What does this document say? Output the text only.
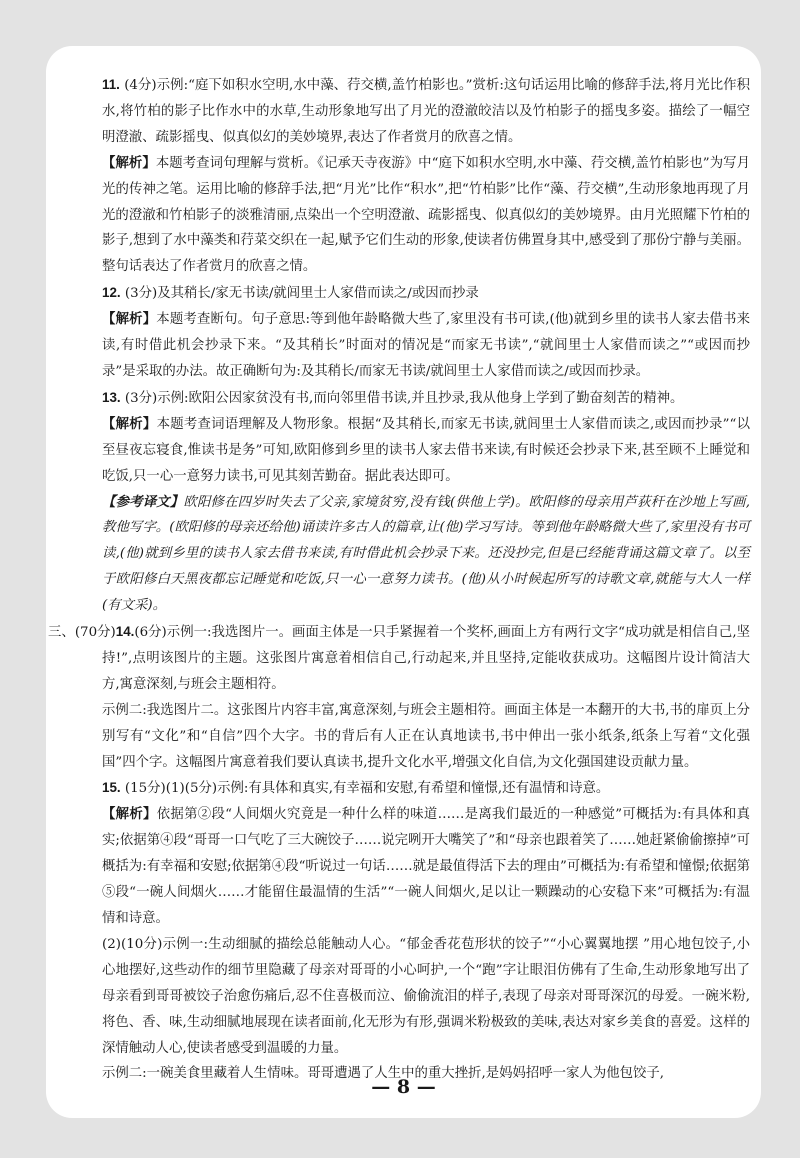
11. (4分)示例:“庭下如积水空明,水中藻、荇交横,盖竹柏影也。”赏析:这句话运用比喻的修辞手法,将月光比作积水,将竹柏的影子比作水中的水草,生动形象地写出了月光的澄澈皎洁以及竹柏影子的摇曳多姿。描绘了一幅空明澄澈、疏影摇曳、似真似幻的美妙境界,表达了作者赏月的欣喜之情。

【解析】本题考查词句理解与赏析。《记承天寺夜游》中“庭下如积水空明,水中藻、荇交横,盖竹柏影也”为写月光的传神之笔。运用比喻的修辞手法,把“月光”比作“积水”,把“竹柏影”比作“藻、荇交横”,生动形象地再现了月光的澄澈和竹柏影子的淡雅清丽,点染出一个空明澄澈、疏影摇曳、似真似幻的美妙境界。由月光照耀下竹柏的影子,想到了水中藻类和荇菜交织在一起,赋予它们生动的形象,使读者仿佛置身其中,感受到了那份宁静与美丽。整句话表达了作者赏月的欣喜之情。

12. (3分)及其稍长/家无书读/就闾里士人家借而读之/或因而抄录

【解析】本题考查断句。句子意思:等到他年龄略微大些了,家里没有书可读,(他)就到乡里的读书人家去借书来读,有时借此机会抄录下来。“及其稍长”时面对的情况是“而家无书读”,“就闾里士人家借而读之”“或因而抄录”是采取的办法。故正确断句为:及其稍长/而家无书读/就闾里士人家借而读之/或因而抄录。

13. (3分)示例:欧阳公因家贫没有书,而向邻里借书读,并且抄录,我从他身上学到了勤奋刻苦的精神。

【解析】本题考查词语理解及人物形象。根据“及其稍长,而家无书读,就闾里士人家借而读之,或因而抄录”“以至昼夜忘寝食,惟读书是务”可知,欧阳修到乡里的读书人家去借书来读,有时候还会抄录下来,甚至顾不上睡觉和吃饭,只一心一意努力读书,可见其刻苦勤奋。据此表达即可。

【参考译文】欧阳修在四岁时失去了父亲,家境贫穷,没有钱(供他上学)。欧阳修的母亲用芦荻秆在沙地上写画,教他写字。(欧阳修的母亲还给他)诵读许多古人的篇章,让(他)学习写诗。等到他年龄略微大些了,家里没有书可读,(他)就到乡里的读书人家去借书来读,有时借此机会抄录下来。还没抄完,但是已经能背诵这篇文章了。以至于欧阳修白天黑夜都忘记睡觉和吃饭,只一心一意努力读书。(他)从小时候起所写的诗歌文章,就能与大人一样(有文采)。

三、(70分)14.(6分)示例一:我选图片一。画面主体是一只手紧握着一个奖杯,画面上方有两行文字“成功就是相信自己,坚持!”,点明该图片的主题。这张图片寓意着相信自己,行动起来,并且坚持,定能收获成功。这幅图片设计简洁大方,寓意深刻,与班会主题相符。

示例二:我选图片二。这张图片内容丰富,寓意深刻,与班会主题相符。画面主体是一本翻开的大书,书的扉页上分别写有“文化”和“自信”四个大字。书的背后有人正在认真地读书,书中伸出一张小纸条,纸条上写着“文化强国”四个字。这幅图片寓意着我们要认真读书,提升文化水平,增强文化自信,为文化强国建设贡献力量。

15. (15分)(1)(5分)示例:有具体和真实,有幸福和安慰,有希望和憧憬,还有温情和诗意。

【解析】依据第②段“人间烟火究竟是一种什么样的味道……是离我们最近的一种感觉”可概括为:有具体和真实;依据第④段“哥哥一口气吃了三大碗饺子……说完咧开大嘴笑了”和“母亲也跟着笑了……她赶紧偷偷擦掉”可概括为:有幸福和安慰;依据第④段“听说过一句话……就是最值得活下去的理由”可概括为:有希望和憧憬;依据第⑤段“一碗人间烟火……才能留住最温情的生活”“一碗人间烟火,足以让一颗躁动的心安稳下来”可概括为:有温情和诗意。

(2)(10分)示例一:生动细腻的描绘总能触动人心。“郁金香花苞形状的饺子”“小心翼翼地摆 ”用心地包饺子,小心地摆好,这些动作的细节里隐藏了母亲对哥哥的小心呵护,一个“跑”字让眼泪仿佛有了生命,生动形象地写出了母亲看到哥哥被饺子治愈伤痛后,忍不住喜极而泣、偷偷流泪的样子,表现了母亲对哥哥深沉的母爱。一碗米粉,将色、香、味,生动细腻地展现在读者面前,化无形为有形,强调米粉极致的美味,表达对家乡美食的喜爱。这样的深情触动人心,使读者感受到温暖的力量。

示例二:一碗美食里藏着人生情味。哥哥遭遇了人生中的重大挫折,是妈妈招呼一家人为他包饺子,

— 8 —
